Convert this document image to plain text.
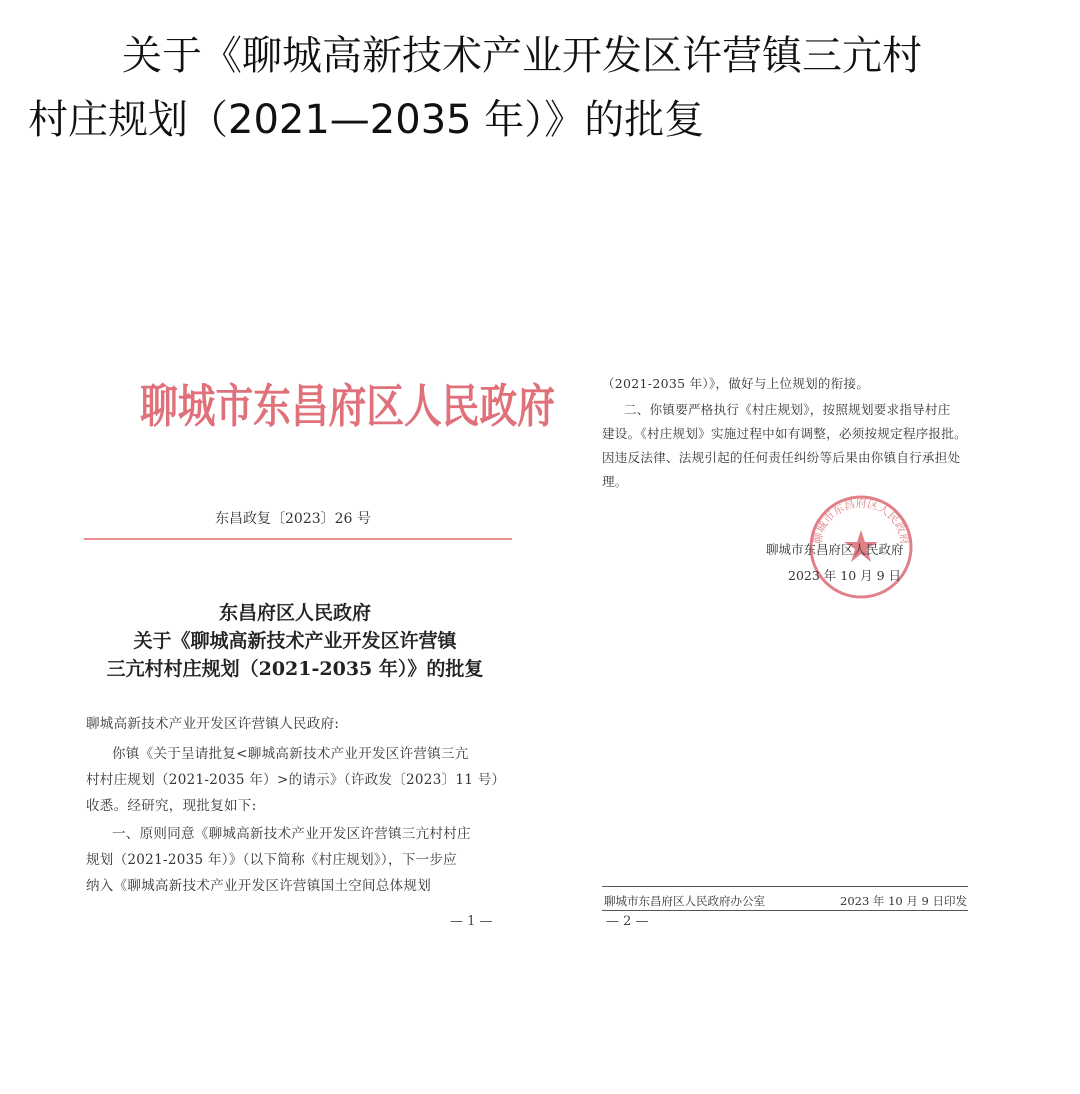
关于《聊城高新技术产业开发区许营镇三亢村
村庄规划（2021—2035 年）》的批复
聊城市东昌府区人民政府
东昌政复〔2023〕26 号
东昌府区人民政府
关于《聊城高新技术产业开发区许营镇
三亢村村庄规划（2021-2035 年）》的批复
聊城高新技术产业开发区许营镇人民政府:
你镇《关于呈请批复<聊城高新技术产业开发区许营镇三亢
村村庄规划（2021-2035 年）>的请示》（许政发〔2023〕11 号）
收悉。经研究，现批复如下:
一、原则同意《聊城高新技术产业开发区许营镇三亢村村庄
规划（2021-2035 年）》（以下简称《村庄规划》），下一步应
纳入《聊城高新技术产业开发区许营镇国土空间总体规划
— 1 —
（2021-2035 年）》，做好与上位规划的衔接。
二、你镇要严格执行《村庄规划》，按照规划要求指导村庄
建设。《村庄规划》实施过程中如有调整，必须按规定程序报批。
因违反法律、法规引起的任何责任纠纷等后果由你镇自行承担处
理。
聊城市东昌府区人民政府
聊城市东昌府区人民政府
2023 年 10 月 9 日
聊城市东昌府区人民政府办公室	2023 年 10 月 9 日印发
— 2 —
